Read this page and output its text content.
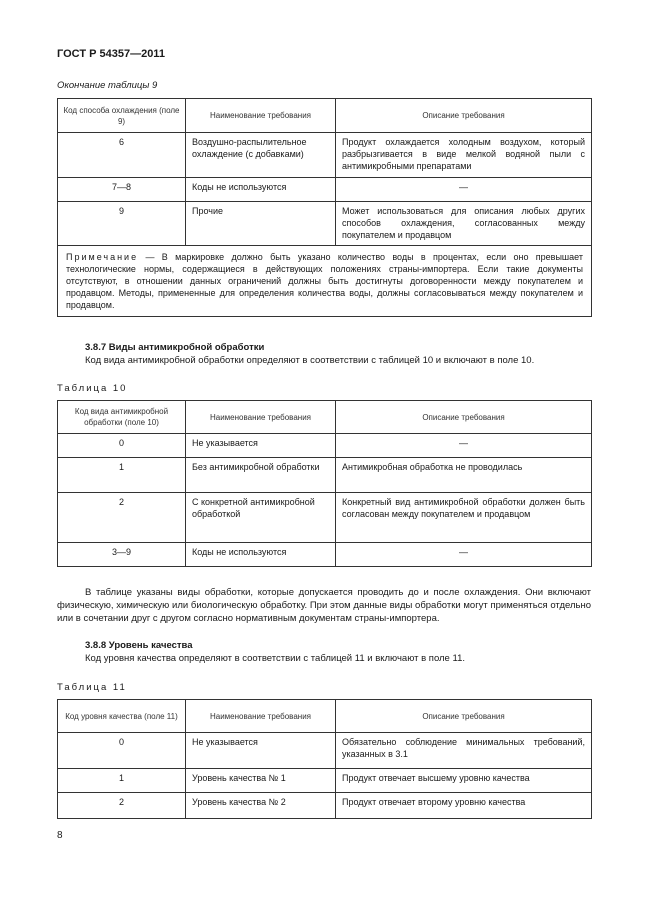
ГОСТ Р 54357—2011
Окончание таблицы 9
Код способа охлаждения (поле 9)	Наименование требования	Описание требования
6	Воздушно-распылительное охлаждение (с добавками)	Продукт охлаждается холодным воздухом, который разбрызгивается в виде мелкой водяной пыли с антимикробными препаратами
7—8	Коды не используются	—
9	Прочие	Может использоваться для описания любых других способов охлаждения, согласованных между покупателем и продавцом
Примечание — В маркировке должно быть указано количество воды в процентах, если оно превышает технологические нормы, содержащиеся в действующих положениях страны-импортера. Если такие документы отсутствуют, в отношении данных ограничений должны быть достигнуты договоренности между покупателем и продавцом. Методы, примененные для определения количества воды, должны согласовываться между покупателем и продавцом.		
3.8.7 Виды антимикробной обработки
Код вида антимикробной обработки определяют в соответствии с таблицей 10 и включают в поле 10.
Таблица 10
Код вида антимикробной обработки (поле 10)	Наименование требования	Описание требования
0	Не указывается	—
1	Без антимикробной обработки	Антимикробная обработка не проводилась
2	С конкретной антимикробной обработкой	Конкретный вид антимикробной обработки должен быть согласован между покупателем и продавцом
3—9	Коды не используются	—
В таблице указаны виды обработки, которые допускается проводить до и после охлаждения. Они включают физическую, химическую или биологическую обработку. При этом данные виды обработки могут применяться отдельно или в сочетании друг с другом согласно нормативным документам страны-импортера.
3.8.8 Уровень качества
Код уровня качества определяют в соответствии с таблицей 11 и включают в поле 11.
Таблица 11
Код уровня качества (поле 11)	Наименование требования	Описание требования
0	Не указывается	Обязательно соблюдение минимальных требований, указанных в 3.1
1	Уровень качества № 1	Продукт отвечает высшему уровню качества
2	Уровень качества № 2	Продукт отвечает второму уровню качества
8
